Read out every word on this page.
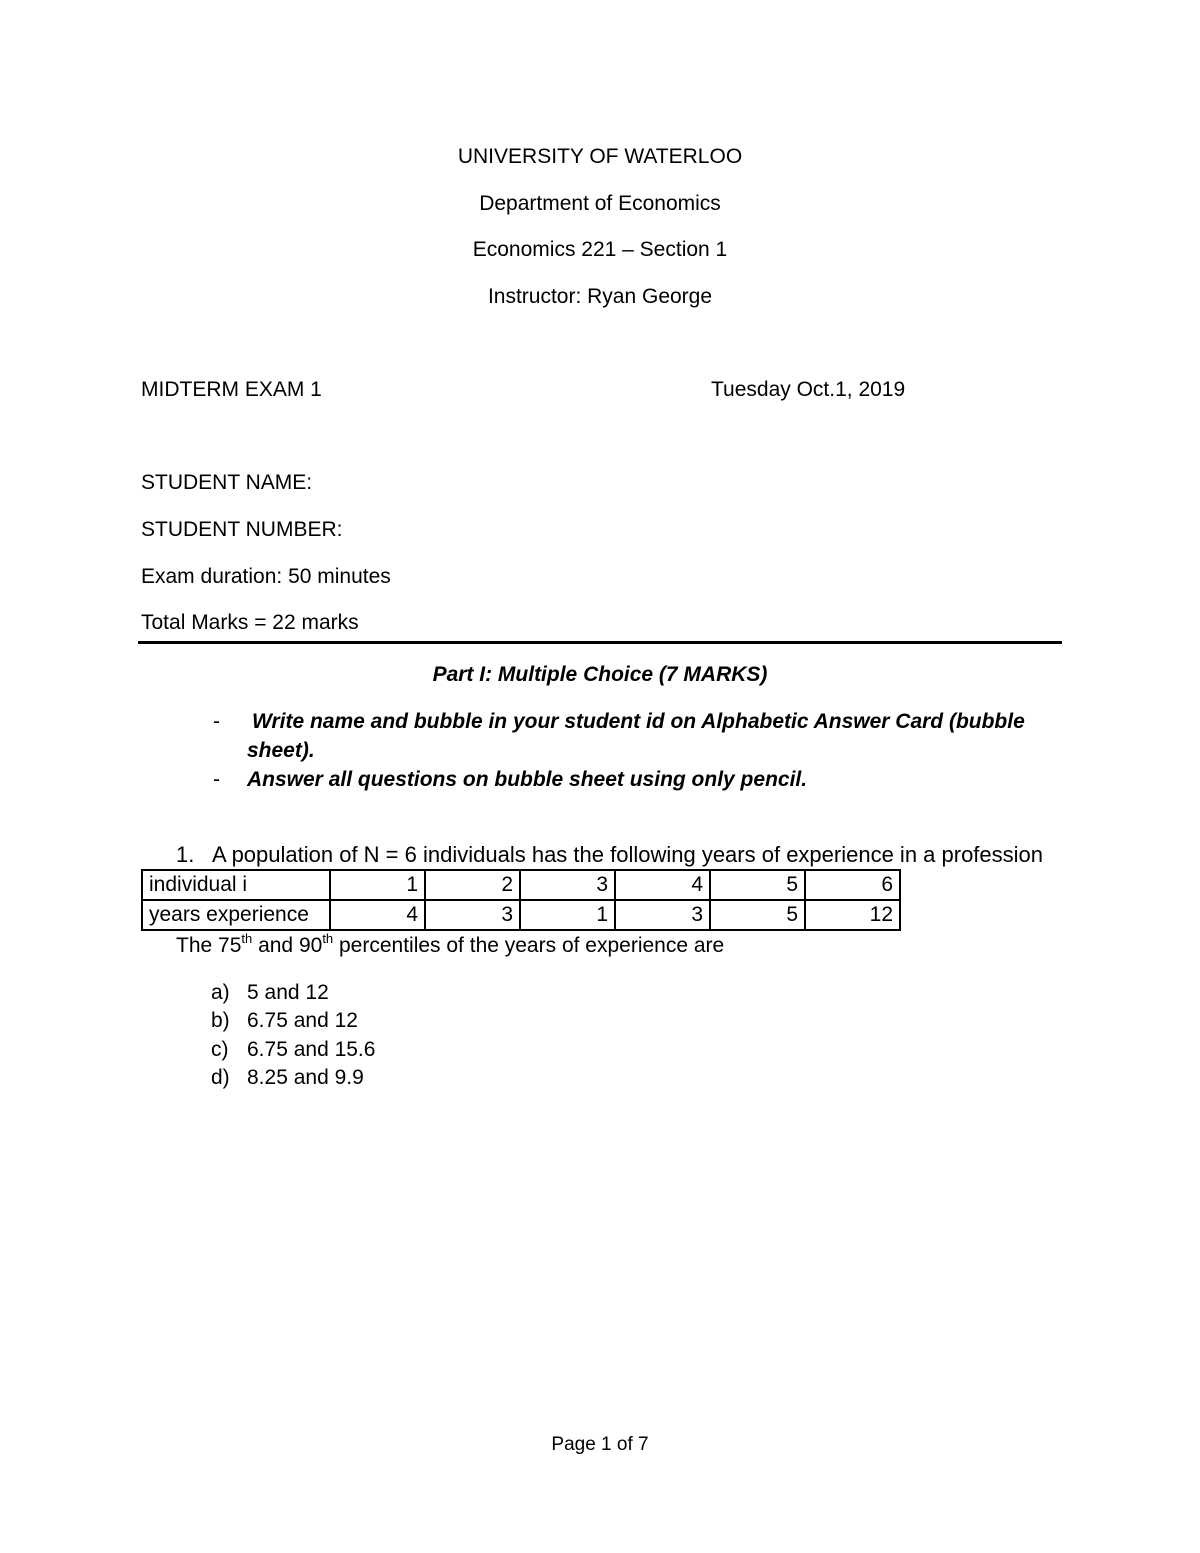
UNIVERSITY OF WATERLOO
Department of Economics
Economics 221 – Section 1
Instructor: Ryan George
MIDTERM EXAM 1	Tuesday Oct.1, 2019
STUDENT NAME:
STUDENT NUMBER:
Exam duration: 50 minutes
Total Marks = 22 marks
Part I: Multiple Choice (7 MARKS)
- Write name and bubble in your student id on Alphabetic Answer Card (bubble
sheet).
- Answer all questions on bubble sheet using only pencil.
1. A population of N = 6 individuals has the following years of experience in a profession
individual i	1	2	3	4	5	6
years experience	4	3	1	3	5	12
The 75th and 90th percentiles of the years of experience are
a) 5 and 12
b) 6.75 and 12
c) 6.75 and 15.6
d) 8.25 and 9.9
Page 1 of 7
